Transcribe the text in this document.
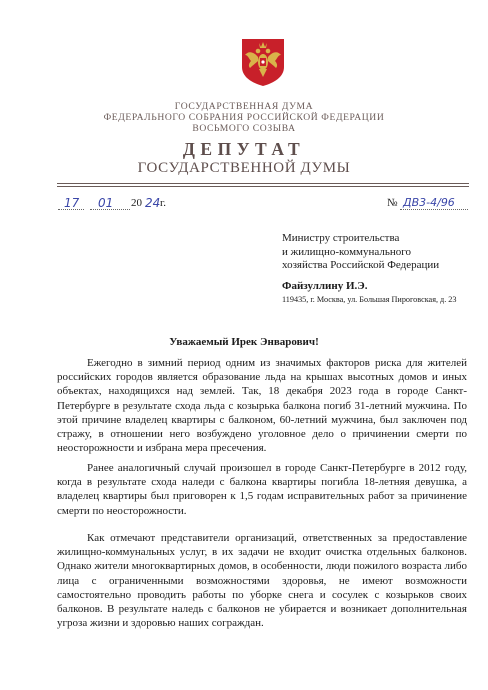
ГОСУДАРСТВЕННАЯ ДУМА
ФЕДЕРАЛЬНОГО СОБРАНИЯ РОССИЙСКОЙ ФЕДЕРАЦИИ
ВОСЬМОГО СОЗЫВА
ДЕПУТАТ
ГОСУДАРСТВЕННОЙ ДУМЫ
17 01 20 24 г.	№ ДВ3-4/96
Министру строительства
и жилищно-коммунального
хозяйства Российской Федерации
Файзуллину И.Э.
119435, г. Москва, ул. Большая Пироговская, д. 23
Уважаемый Ирек Энварович!
Ежегодно в зимний период одним из значимых факторов риска для жителей российских городов является образование льда на крышах высотных домов и иных объектах, находящихся над землей. Так, 18 декабря 2023 года в городе Санкт-Петербурге в результате схода льда с козырька балкона погиб 31-летний мужчина. По этой причине владелец квартиры с балконом, 60-летний мужчина, был заключен под стражу, в отношении него возбуждено уголовное дело о причинении смерти по неосторожности и избрана мера пресечения.
Ранее аналогичный случай произошел в городе Санкт-Петербурге в 2012 году, когда в результате схода наледи с балкона квартиры погибла 18-летняя девушка, а владелец квартиры был приговорен к 1,5 годам исправительных работ за причинение смерти по неосторожности.
Как отмечают представители организаций, ответственных за предоставление жилищно-коммунальных услуг, в их задачи не входит очистка отдельных балконов. Однако жители многоквартирных домов, в особенности, люди пожилого возраста либо лица с ограниченными возможностями здоровья, не имеют возможности самостоятельно проводить работы по уборке снега и сосулек с козырьков своих балконов. В результате наледь с балконов не убирается и возникает дополнительная угроза жизни и здоровью наших сограждан.
